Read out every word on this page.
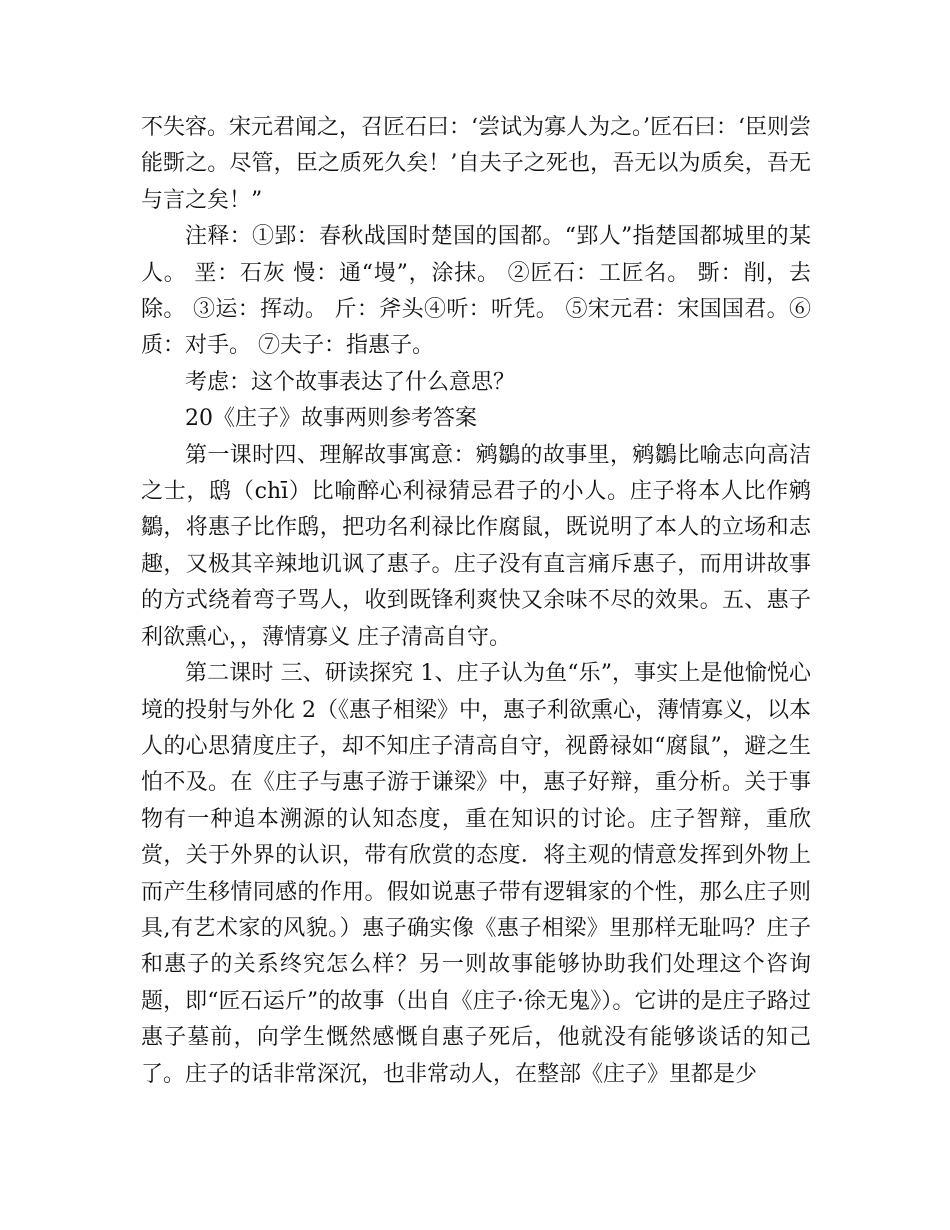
不失容。宋元君闻之，召匠石曰：‘尝试为寡人为之。’匠石曰：‘臣则尝能斲之。尽管，臣之质死久矣！’自夫子之死也，吾无以为质矣，吾无与言之矣！”

注释：①郢：春秋战国时楚国的国都。“郢人”指楚国都城里的某人。 垩：石灰 慢：通“墁”，涂抹。 ②匠石：工匠名。 斲：削，去除。 ③运：挥动。 斤：斧头④听：听凭。 ⑤宋元君：宋国国君。⑥质：对手。 ⑦夫子：指惠子。

考虑：这个故事表达了什么意思？

20《庄子》故事两则参考答案

第一课时四、理解故事寓意：鹓鶵的故事里，鹓鶵比喻志向高洁之士，鸱（chī）比喻醉心利禄猜忌君子的小人。庄子将本人比作鹓鶵，将惠子比作鸱，把功名利禄比作腐鼠，既说明了本人的立场和志趣，又极其辛辣地讥讽了惠子。庄子没有直言痛斥惠子，而用讲故事的方式绕着弯子骂人，收到既锋利爽快又余味不尽的效果。五、惠子利欲熏心，，薄情寡义 庄子清高自守。

第二课时 三、研读探究 1、庄子认为鱼“乐”，事实上是他愉悦心境的投射与外化 2（《惠子相梁》中，惠子利欲熏心，薄情寡义，以本人的心思猜度庄子，却不知庄子清高自守，视爵禄如“腐鼠”，避之生怕不及。在《庄子与惠子游于谦梁》中，惠子好辩，重分析。关于事物有一种追本溯源的认知态度，重在知识的讨论。庄子智辩，重欣赏，关于外界的认识，带有欣赏的态度．将主观的情意发挥到外物上而产生移情同感的作用。假如说惠子带有逻辑家的个性，那么庄子则具,有艺术家的风貌。）惠子确实像《惠子相梁》里那样无耻吗？庄子和惠子的关系终究怎么样？另一则故事能够协助我们处理这个咨询题，即“匠石运斤”的故事（出自《庄子·徐无鬼》）。它讲的是庄子路过惠子墓前，向学生慨然感慨自惠子死后，他就没有能够谈话的知己了。庄子的话非常深沉，也非常动人，在整部《庄子》里都是少
